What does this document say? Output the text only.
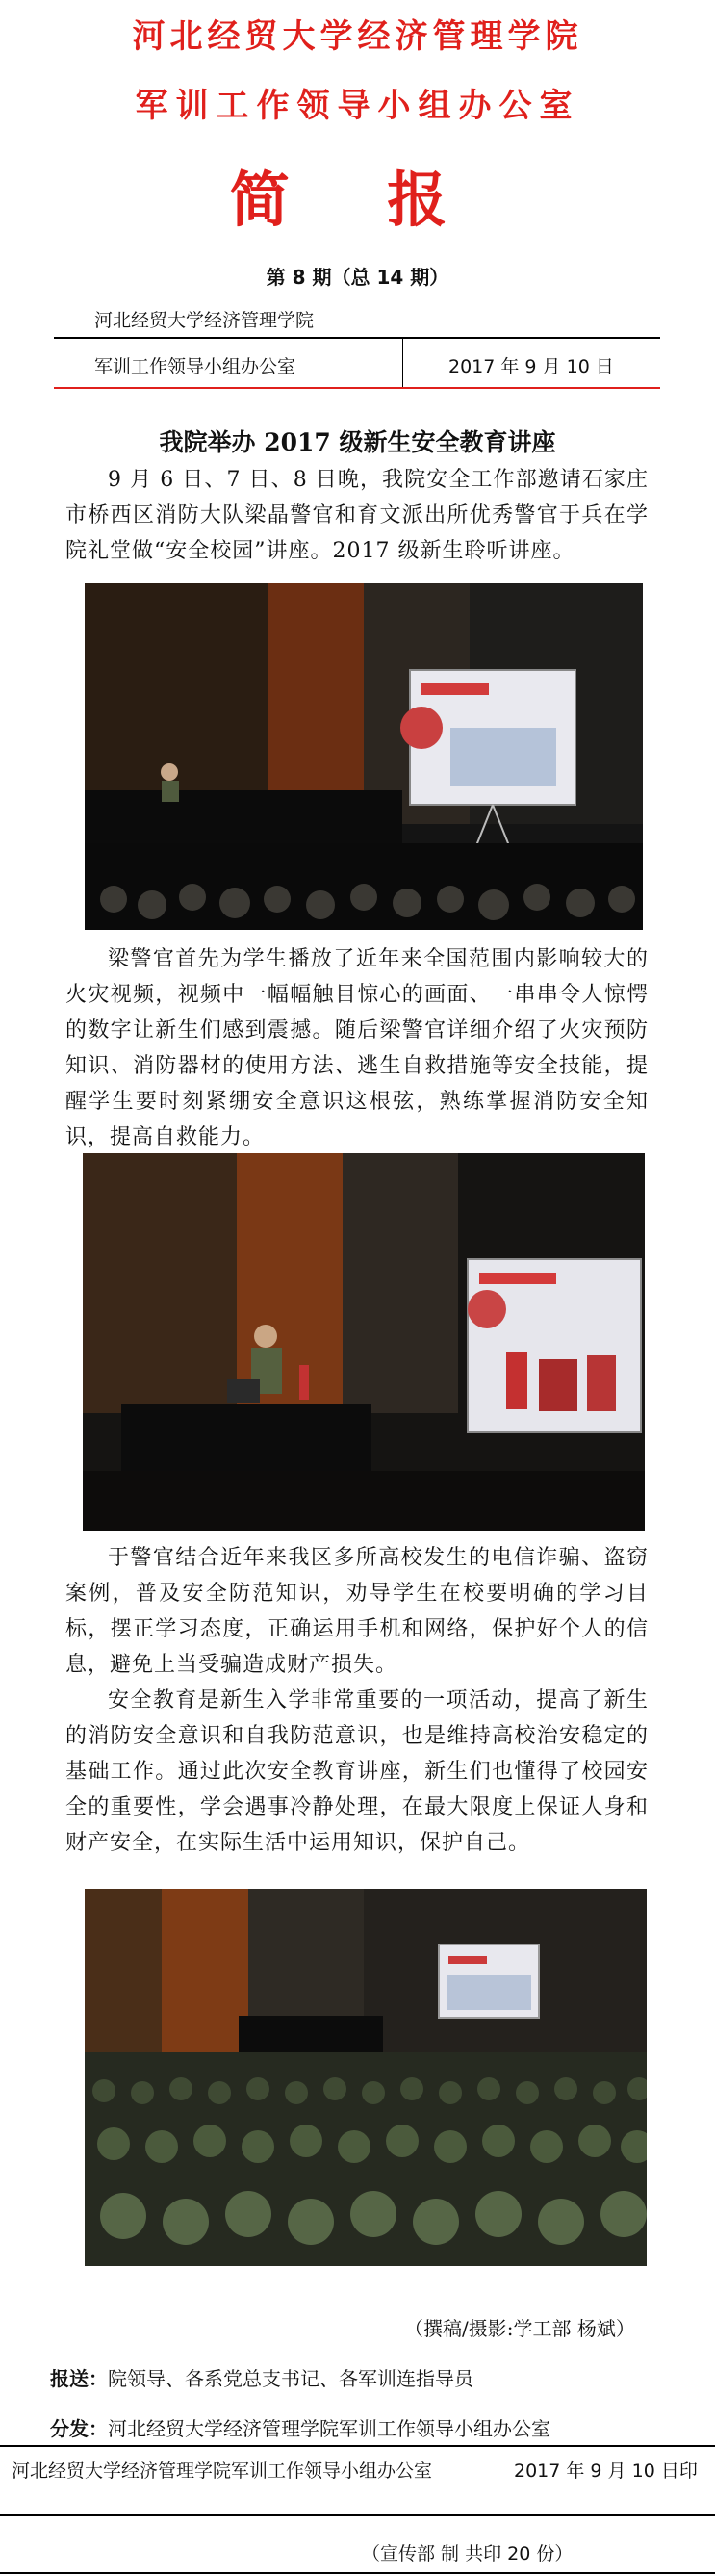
河北经贸大学经济管理学院
军训工作领导小组办公室
简 报
第 8 期（总 14 期）
河北经贸大学经济管理学院
军训工作领导小组办公室	2017 年 9 月 10 日
我院举办 2017 级新生安全教育讲座
9 月 6 日、7 日、8 日晚，我院安全工作部邀请石家庄市桥西区消防大队梁晶警官和育文派出所优秀警官于兵在学院礼堂做“安全校园”讲座。2017 级新生聆听讲座。
梁警官首先为学生播放了近年来全国范围内影响较大的火灾视频，视频中一幅幅触目惊心的画面、一串串令人惊愕的数字让新生们感到震撼。随后梁警官详细介绍了火灾预防知识、消防器材的使用方法、逃生自救措施等安全技能，提醒学生要时刻紧绷安全意识这根弦，熟练掌握消防安全知识，提高自救能力。
于警官结合近年来我区多所高校发生的电信诈骗、盗窃案例，普及安全防范知识，劝导学生在校要明确的学习目标，摆正学习态度，正确运用手机和网络，保护好个人的信息，避免上当受骗造成财产损失。
安全教育是新生入学非常重要的一项活动，提高了新生的消防安全意识和自我防范意识，也是维持高校治安稳定的基础工作。通过此次安全教育讲座，新生们也懂得了校园安全的重要性，学会遇事冷静处理，在最大限度上保证人身和财产安全，在实际生活中运用知识，保护自己。
（撰稿/摄影:学工部 杨斌）
报送：院领导、各系党总支书记、各军训连指导员
分发：河北经贸大学经济管理学院军训工作领导小组办公室
河北经贸大学经济管理学院军训工作领导小组办公室	2017 年 9 月 10 日印
（宣传部 制 共印 20 份）
